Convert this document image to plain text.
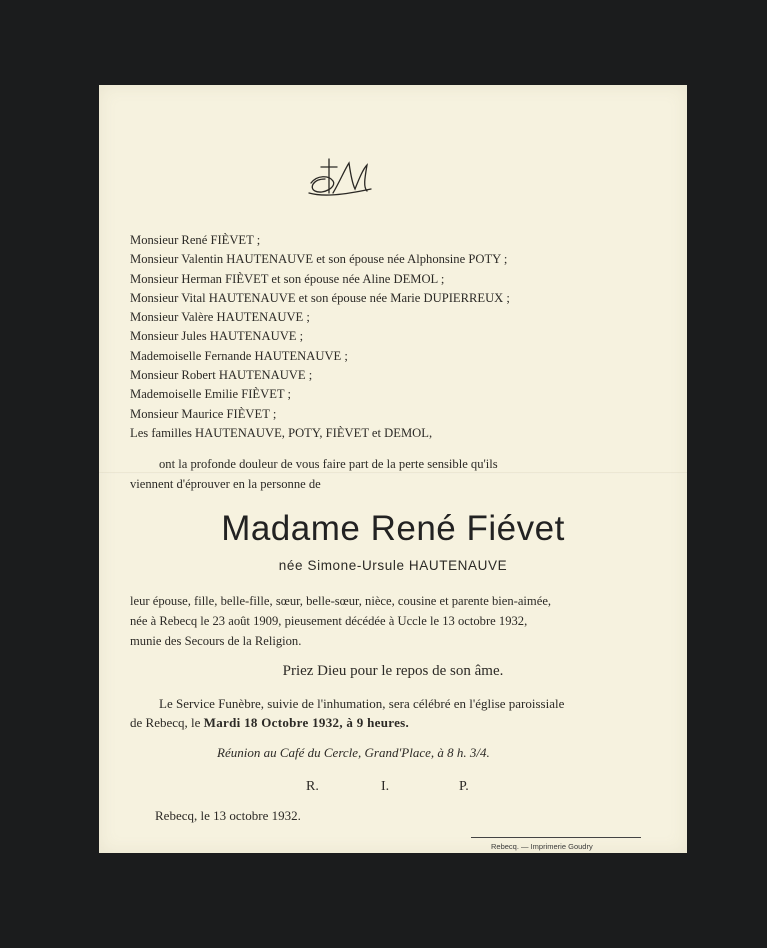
Monsieur René FIÈVET ;
Monsieur Valentin HAUTENAUVE et son épouse née Alphonsine POTY ;
Monsieur Herman FIÈVET et son épouse née Aline DEMOL ;
Monsieur Vital HAUTENAUVE et son épouse née Marie DUPIERREUX ;
Monsieur Valère HAUTENAUVE ;
Monsieur Jules HAUTENAUVE ;
Mademoiselle Fernande HAUTENAUVE ;
Monsieur Robert HAUTENAUVE ;
Mademoiselle Emilie FIÈVET ;
Monsieur Maurice FIÈVET ;
Les familles HAUTENAUVE, POTY, FIÈVET et DEMOL,
ont la profonde douleur de vous faire part de la perte sensible qu'ils
viennent d'éprouver en la personne de
Madame René Fiévet
née Simone-Ursule HAUTENAUVE
leur épouse, fille, belle-fille, sœur, belle-sœur, nièce, cousine et parente bien-aimée,
née à Rebecq le 23 août 1909, pieusement décédée à Uccle le 13 octobre 1932,
munie des Secours de la Religion.
Priez Dieu pour le repos de son âme.
Le Service Funèbre, suivie de l'inhumation, sera célébré en l'église paroissiale
de Rebecq, le Mardi 18 Octobre 1932, à 9 heures.
Réunion au Café du Cercle, Grand'Place, à 8 h. 3/4.
R.	I.	P.
Rebecq, le 13 octobre 1932.
Rebecq. — Imprimerie Goudry
